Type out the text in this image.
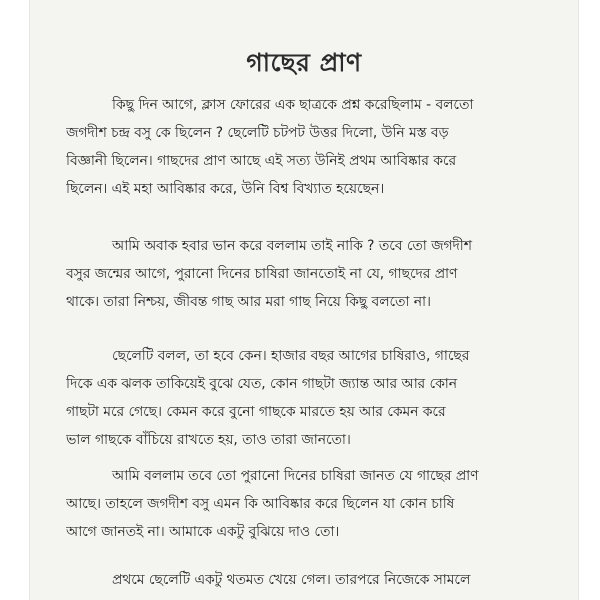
গাছের প্রাণ

কিছু দিন আগে, ক্লাস ফোরের এক ছাত্রকে প্রশ্ন করেছিলাম - বলতো
জগদীশ চন্দ্র বসু কে ছিলেন ? ছেলেটি চটপট উত্তর দিলো, উনি মস্ত বড়
বিজ্ঞানী ছিলেন। গাছদের প্রাণ আছে এই সত্য উনিই প্রথম আবিষ্কার করে
ছিলেন। এই মহা আবিষ্কার করে, উনি বিশ্ব বিখ্যাত হয়েছেন।

আমি অবাক হবার ভান করে বললাম তাই নাকি ? তবে তো জগদীশ
বসুর জন্মের আগে, পুরানো দিনের চাষিরা জানতোই না যে, গাছদের প্রাণ
থাকে। তারা নিশ্চয়, জীবন্ত গাছ আর মরা গাছ নিয়ে কিছু বলতো না।

ছেলেটি বলল, তা হবে কেন। হাজার বছর আগের চাষিরাও, গাছের
দিকে এক ঝলক তাকিয়েই বুঝে যেত, কোন গাছটা জ্যান্ত আর আর কোন
গাছটা মরে গেছে। কেমন করে বুনো গাছকে মারতে হয় আর কেমন করে
ভাল গাছকে বাঁচিয়ে রাখতে হয়, তাও তারা জানতো।

আমি বললাম তবে তো পুরানো দিনের চাষিরা জানত যে গাছের প্রাণ
আছে। তাহলে জগদীশ বসু এমন কি আবিষ্কার করে ছিলেন যা কোন চাষি
আগে জানতই না। আমাকে একটু বুঝিয়ে দাও তো।

প্রথমে ছেলেটি একটু থতমত খেয়ে গেল। তারপরে নিজেকে সামলে
